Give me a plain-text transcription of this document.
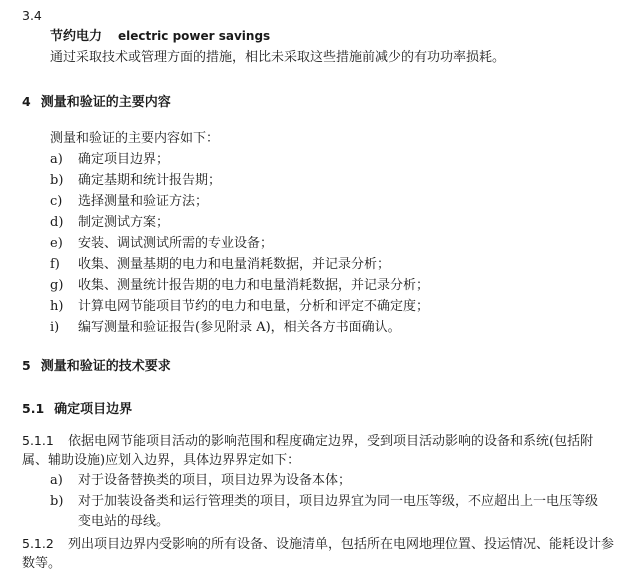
3.4
节约电力 electric power savings
通过采取技术或管理方面的措施，相比未采取这些措施前减少的有功功率损耗。
4 测量和验证的主要内容
测量和验证的主要内容如下：
a) 确定项目边界；
b) 确定基期和统计报告期；
c) 选择测量和验证方法；
d) 制定测试方案；
e) 安装、调试测试所需的专业设备；
f) 收集、测量基期的电力和电量消耗数据，并记录分析；
g) 收集、测量统计报告期的电力和电量消耗数据，并记录分析；
h) 计算电网节能项目节约的电力和电量，分析和评定不确定度；
i) 编写测量和验证报告(参见附录 A)，相关各方书面确认。
5 测量和验证的技术要求
5.1 确定项目边界
5.1.1 依据电网节能项目活动的影响范围和程度确定边界，受到项目活动影响的设备和系统(包括附
属、辅助设施)应划入边界，具体边界界定如下：
a) 对于设备替换类的项目，项目边界为设备本体；
b) 对于加装设备类和运行管理类的项目，项目边界宜为同一电压等级，不应超出上一电压等级
变电站的母线。
5.1.2 列出项目边界内受影响的所有设备、设施清单，包括所在电网地理位置、投运情况、能耗设计参
数等。
